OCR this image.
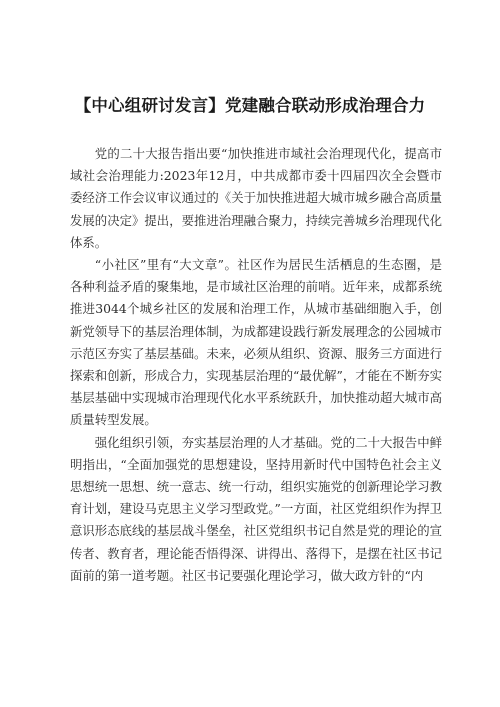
【中心组研讨发言】党建融合联动形成治理合力

党的二十大报告指出要“加快推进市域社会治理现代化，提高市域社会治理能力:2023年12月，中共成都市委十四届四次全会暨市委经济工作会议审议通过的《关于加快推进超大城市城乡融合高质量发展的决定》提出，要推进治理融合聚力，持续完善城乡治理现代化体系。

“小社区”里有“大文章”。社区作为居民生活栖息的生态圈，是各种利益矛盾的聚集地，是市域社区治理的前哨。近年来，成都系统推进3044个城乡社区的发展和治理工作，从城市基础细胞入手，创新党领导下的基层治理体制，为成都建设践行新发展理念的公园城市示范区夯实了基层基础。未来，必须从组织、资源、服务三方面进行探索和创新，形成合力，实现基层治理的“最优解”，才能在不断夯实基层基础中实现城市治理现代化水平系统跃升，加快推动超大城市高质量转型发展。

强化组织引领，夯实基层治理的人才基础。党的二十大报告中鲜明指出，“全面加强党的思想建设，坚持用新时代中国特色社会主义思想统一思想、统一意志、统一行动，组织实施党的创新理论学习教育计划，建设马克思主义学习型政党。”一方面，社区党组织作为捍卫意识形态底线的基层战斗堡垒，社区党组织书记自然是党的理论的宣传者、教育者，理论能否悟得深、讲得出、落得下，是摆在社区书记面前的第一道考题。社区书记要强化理论学习，做大政方针的“内
